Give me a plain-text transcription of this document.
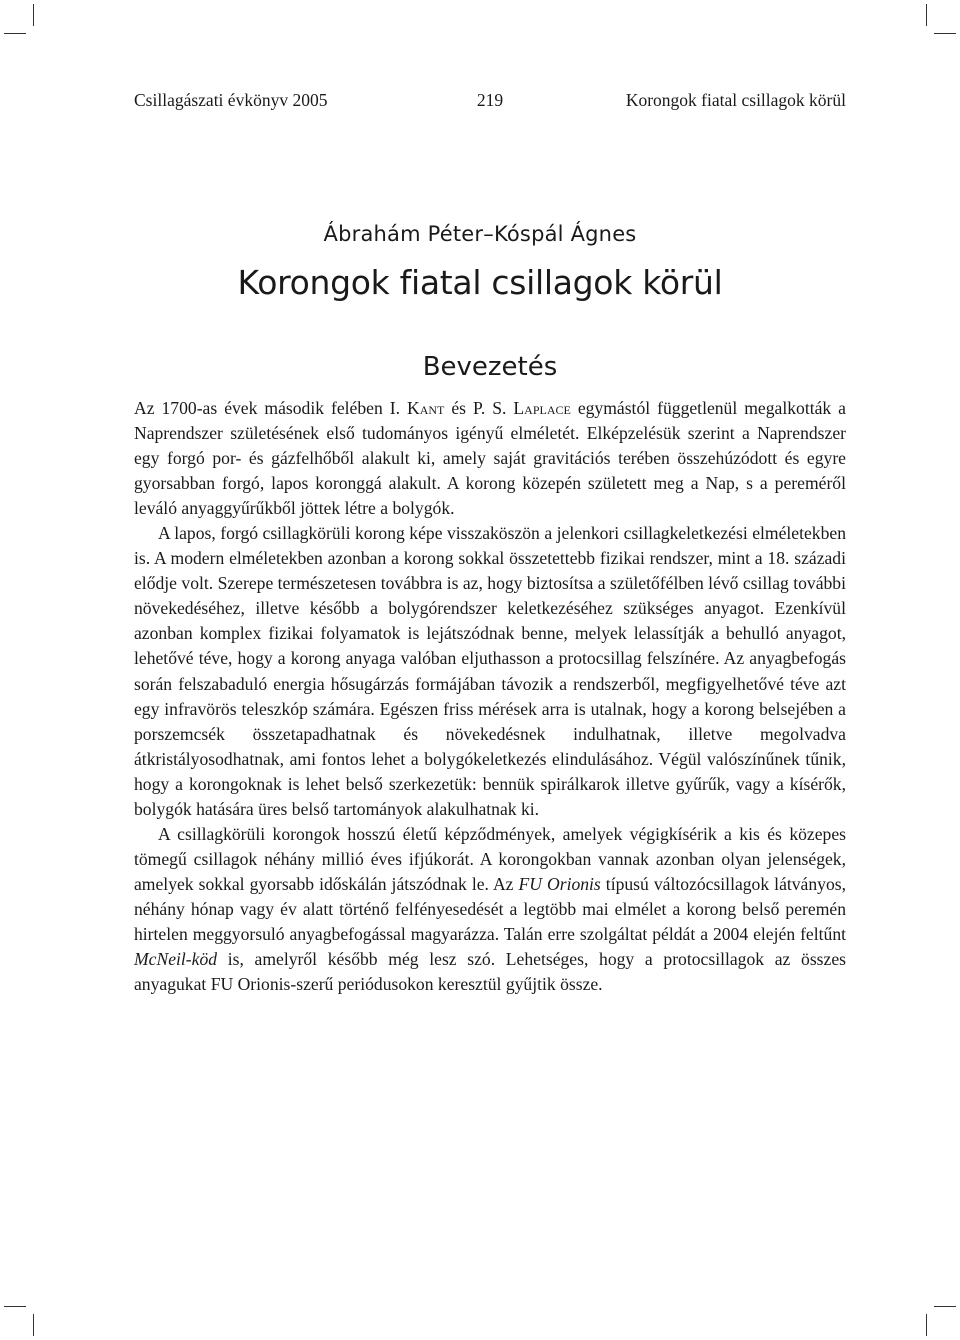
Csillagászati évkönyv 2005	219	Korongok fiatal csillagok körül
Ábrahám Péter–Kóspál Ágnes
Korongok fiatal csillagok körül
Bevezetés

Az 1700-as évek második felében I. Kant és P. S. Laplace egymástól függetlenül megalkották a Naprendszer születésének első tudományos igényű elméletét. Elképzelésük szerint a Naprendszer egy forgó por- és gázfelhőből alakult ki, amely saját gravitációs terében összehúzódott és egyre gyorsabban forgó, lapos koronggá alakult. A korong közepén született meg a Nap, s a pereméről leváló anyaggyűrűkből jöttek létre a bolygók.

A lapos, forgó csillagkörüli korong képe visszaköszön a jelenkori csillagkeletkezési elméletekben is. A modern elméletekben azonban a korong sokkal összetettebb fizikai rendszer, mint a 18. századi elődje volt. Szerepe természetesen továbbra is az, hogy biztosítsa a születőfélben lévő csillag további növekedéséhez, illetve később a bolygórendszer keletkezéséhez szükséges anyagot. Ezenkívül azonban komplex fizikai folyamatok is lejátszódnak benne, melyek lelassítják a behulló anyagot, lehetővé téve, hogy a korong anyaga valóban eljuthasson a protocsillag felszínére. Az anyagbefogás során felszabaduló energia hősugárzás formájában távozik a rendszerből, megfigyelhetővé téve azt egy infravörös teleszkóp számára. Egészen friss mérések arra is utalnak, hogy a korong belsejében a porszemcsék összetapadhatnak és növekedésnek indulhatnak, illetve megolvadva átkristályosodhatnak, ami fontos lehet a bolygókeletkezés elindulásához. Végül valószínűnek tűnik, hogy a korongoknak is lehet belső szerkezetük: bennük spirálkarok illetve gyűrűk, vagy a kísérők, bolygók hatására üres belső tartományok alakulhatnak ki.

A csillagkörüli korongok hosszú életű képződmények, amelyek végigkísérik a kis és közepes tömegű csillagok néhány millió éves ifjúkorát. A korongokban vannak azonban olyan jelenségek, amelyek sokkal gyorsabb időskálán játszódnak le. Az FU Orionis típusú változócsillagok látványos, néhány hónap vagy év alatt történő felfényesedését a legtöbb mai elmélet a korong belső peremén hirtelen meggyorsuló anyagbefogással magyarázza. Talán erre szolgáltat példát a 2004 elején feltűnt McNeil-köd is, amelyről később még lesz szó. Lehetséges, hogy a protocsillagok az összes anyagukat FU Orionis-szerű periódusokon keresztül gyűjtik össze.
